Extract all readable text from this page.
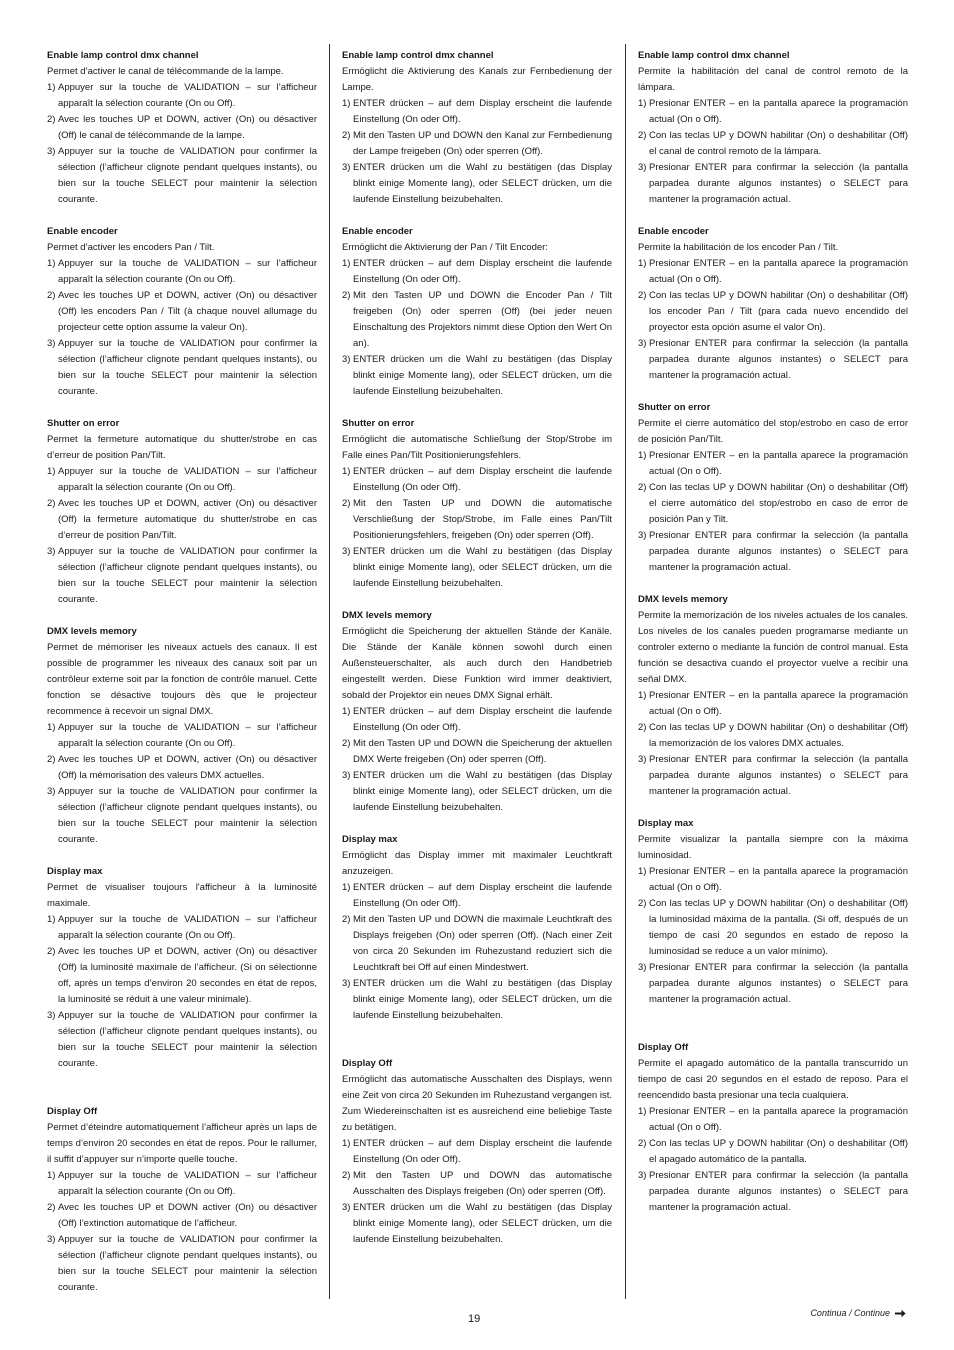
Enable lamp control dmx channel

Permet d’activer le canal de télécommande de la lampe.

1) Appuyer sur la touche de VALIDATION – sur l’afficheur apparaît la sélection courante (On ou Off).
2) Avec les touches UP et DOWN, activer (On) ou désactiver (Off) le canal de télécommande de la lampe.
3) Appuyer sur la touche de VALIDATION pour confirmer la sélection (l’afficheur clignote pendant quelques instants), ou bien sur la touche SELECT pour maintenir la sélection courante.
Enable encoder

Permet d’activer les encoders Pan / Tilt.

1) Appuyer sur la touche de VALIDATION – sur l’afficheur apparaît la sélection courante (On ou Off).
2) Avec les touches UP et DOWN, activer (On) ou désactiver (Off) les encoders Pan / Tilt (à chaque nouvel allumage du projecteur cette option assume la valeur On).
3) Appuyer sur la touche de VALIDATION pour confirmer la sélection (l’afficheur clignote pendant quelques instants), ou bien sur la touche SELECT pour maintenir la sélection courante.
Shutter on error

Permet la fermeture automatique du shutter/strobe en cas d’erreur de position Pan/Tilt.

1) Appuyer sur la touche de VALIDATION – sur l’afficheur apparaît la sélection courante (On ou Off).
2) Avec les touches UP et DOWN, activer (On) ou désactiver (Off) la fermeture automatique du shutter/strobe en cas d’erreur de position Pan/Tilt.
3) Appuyer sur la touche de VALIDATION pour confirmer la sélection (l’afficheur clignote pendant quelques instants), ou bien sur la touche SELECT pour maintenir la sélection courante.
DMX levels memory

Permet de mémoriser les niveaux actuels des canaux. Il est possible de programmer les niveaux des canaux soit par un contrôleur externe soit par la fonction de contrôle manuel. Cette fonction se désactive toujours dès que le projecteur recommence à recevoir un signal DMX.

1) Appuyer sur la touche de VALIDATION – sur l’afficheur apparaît la sélection courante (On ou Off).
2) Avec les touches UP et DOWN, activer (On) ou désactiver (Off) la mémorisation des valeurs DMX actuelles.
3) Appuyer sur la touche de VALIDATION pour confirmer la sélection (l’afficheur clignote pendant quelques instants), ou bien sur la touche SELECT pour maintenir la sélection courante.
Display max

Permet de visualiser toujours l'afficheur à la luminosité maximale.

1) Appuyer sur la touche de VALIDATION – sur l’afficheur apparaît la sélection courante (On ou Off).
2) Avec les touches UP et DOWN, activer (On) ou désactiver (Off) la luminosité maximale de l’afficheur. (Si on sélectionne off, après un temps d’environ 20 secondes en état de repos, la luminosité se réduit à une valeur minimale).
3) Appuyer sur la touche de VALIDATION pour confirmer la sélection (l’afficheur clignote pendant quelques instants), ou bien sur la touche SELECT pour maintenir la sélection courante.
Display Off

Permet d’éteindre automatiquement l’afficheur après un laps de temps d’environ 20 secondes en état de repos. Pour le rallumer, il suffit d’appuyer sur n’importe quelle touche.

1) Appuyer sur la touche de VALIDATION – sur l’afficheur apparaît la sélection courante (On ou Off).
2) Avec les touches UP et DOWN activer (On) ou désactiver (Off) l’extinction automatique de l’afficheur.
3) Appuyer sur la touche de VALIDATION pour confirmer la sélection (l’afficheur clignote pendant quelques instants), ou bien sur la touche SELECT pour maintenir la sélection courante.
Enable lamp control dmx channel

Ermöglicht die Aktivierung des Kanals zur Fernbedienung der Lampe.

1) ENTER drücken – auf dem Display erscheint die laufende Einstellung (On oder Off).
2) Mit den Tasten UP und DOWN den Kanal zur Fernbedienung der Lampe freigeben (On) oder sperren (Off).
3) ENTER drücken um die Wahl zu bestätigen (das Display blinkt einige Momente lang), oder SELECT drücken, um die laufende Einstellung beizubehalten.
Enable encoder

Ermöglicht die Aktivierung der Pan / Tilt Encoder:

1) ENTER drücken – auf dem Display erscheint die laufende Einstellung (On oder Off).
2) Mit den Tasten UP und DOWN die Encoder Pan / Tilt freigeben (On) oder sperren (Off) (bei jeder neuen Einschaltung des Projektors nimmt diese Option den Wert On an).
3) ENTER drücken um die Wahl zu bestätigen (das Display blinkt einige Momente lang), oder SELECT drücken, um die laufende Einstellung beizubehalten.
Shutter on error

Ermöglicht die automatische Schließung der Stop/Strobe im Falle eines Pan/Tilt Positionierungsfehlers.

1) ENTER drücken – auf dem Display erscheint die laufende Einstellung (On oder Off).
2) Mit den Tasten UP und DOWN die automatische Verschließung der Stop/Strobe, im Falle eines Pan/Tilt Positionierungsfehlers, freigeben (On) oder sperren (Off).
3) ENTER drücken um die Wahl zu bestätigen (das Display blinkt einige Momente lang), oder SELECT drücken, um die laufende Einstellung beizubehalten.
DMX levels memory

Ermöglicht die Speicherung der aktuellen Stände der Kanäle. Die Stände der Kanäle können sowohl durch einen Außensteuerschalter, als auch durch den Handbetrieb eingestellt werden. Diese Funktion wird immer deaktiviert, sobald der Projektor ein neues DMX Signal erhält.

1) ENTER drücken – auf dem Display erscheint die laufende Einstellung (On oder Off).
2) Mit den Tasten UP und DOWN die Speicherung der aktuellen DMX Werte freigeben (On) oder sperren (Off).
3) ENTER drücken um die Wahl zu bestätigen (das Display blinkt einige Momente lang), oder SELECT drücken, um die laufende Einstellung beizubehalten.
Display max

Ermöglicht das Display immer mit maximaler Leuchtkraft anzuzeigen.

1) ENTER drücken – auf dem Display erscheint die laufende Einstellung (On oder Off).
2) Mit den Tasten UP und DOWN die maximale Leuchtkraft des Displays freigeben (On) oder sperren (Off). (Nach einer Zeit von circa 20 Sekunden im Ruhezustand reduziert sich die Leuchtkraft bei Off auf einen Mindestwert.
3) ENTER drücken um die Wahl zu bestätigen (das Display blinkt einige Momente lang), oder SELECT drücken, um die laufende Einstellung beizubehalten.
Display Off

Ermöglicht das automatische Ausschalten des Displays, wenn eine Zeit von circa 20 Sekunden im Ruhezustand vergangen ist. Zum Wiedereinschalten ist es ausreichend eine beliebige Taste zu betätigen.

1) ENTER drücken – auf dem Display erscheint die laufende Einstellung (On oder Off).
2) Mit den Tasten UP und DOWN das automatische Ausschalten des Displays freigeben (On) oder sperren (Off).
3) ENTER drücken um die Wahl zu bestätigen (das Display blinkt einige Momente lang), oder SELECT drücken, um die laufende Einstellung beizubehalten.
Enable lamp control dmx channel

Permite la habilitación del canal de control remoto de la lámpara.

1) Presionar ENTER – en la pantalla aparece la programación actual (On o Off).
2) Con las teclas UP y DOWN habilitar (On) o deshabilitar (Off) el canal de control remoto de la lámpara.
3) Presionar ENTER para confirmar la selección (la pantalla parpadea durante algunos instantes) o SELECT para mantener la programación actual.
Enable encoder

Permite la habilitación de los encoder Pan / Tilt.

1) Presionar ENTER – en la pantalla aparece la programación actual (On o Off).
2) Con las teclas UP y DOWN habilitar (On) o deshabilitar (Off) los encoder Pan / Tilt (para cada nuevo encendido del proyector esta opción asume el valor On).
3) Presionar ENTER para confirmar la selección (la pantalla parpadea durante algunos instantes) o SELECT para mantener la programación actual.
Shutter on error

Permite el cierre automático del stop/estrobo en caso de error de posición Pan/Tilt.

1) Presionar ENTER – en la pantalla aparece la programación actual (On o Off).
2) Con las teclas UP y DOWN habilitar (On) o deshabilitar (Off) el cierre automático del stop/estrobo en caso de error de posición Pan y Tilt.
3) Presionar ENTER para confirmar la selección (la pantalla parpadea durante algunos instantes) o SELECT para mantener la programación actual.
DMX levels memory

Permite la memorización de los niveles actuales de los canales. Los niveles de los canales pueden programarse mediante un controler externo o mediante la función de control manual. Esta función se desactiva cuando el proyector vuelve a recibir una señal DMX.

1) Presionar ENTER – en la pantalla aparece la programación actual (On o Off).
2) Con las teclas UP y DOWN habilitar (On) o deshabilitar (Off) la memorización de los valores DMX actuales.
3) Presionar ENTER para confirmar la selección (la pantalla parpadea durante algunos instantes) o SELECT para mantener la programación actual.
Display max

Permite visualizar la pantalla siempre con la máxima luminosidad.

1) Presionar ENTER – en la pantalla aparece la programación actual (On o Off).
2) Con las teclas UP y DOWN habilitar (On) o deshabilitar (Off) la luminosidad máxima de la pantalla. (Si off, después de un tiempo de casi 20 segundos en estado de reposo la luminosidad se reduce a un valor mínimo).
3) Presionar ENTER para confirmar la selección (la pantalla parpadea durante algunos instantes) o SELECT para mantener la programación actual.
Display Off

Permite el apagado automático de la pantalla transcurrido un tiempo de casi 20 segundos en el estado de reposo. Para el reencendido basta presionar una tecla cualquiera.

1) Presionar ENTER – en la pantalla aparece la programación actual (On o Off).
2) Con las teclas UP y DOWN habilitar (On) o deshabilitar (Off) el apagado automático de la pantalla.
3) Presionar ENTER para confirmar la selección (la pantalla parpadea durante algunos instantes) o SELECT para mantener la programación actual.
19	Continua / Continue
